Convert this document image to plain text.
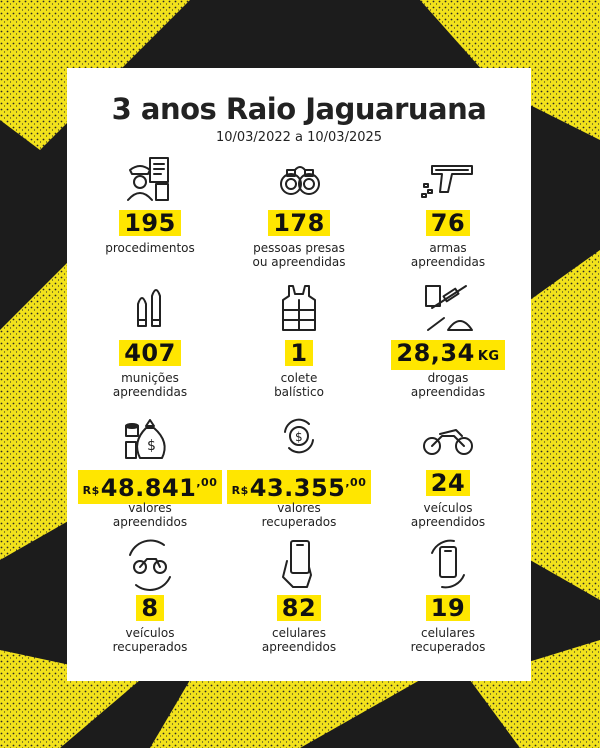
3 anos Raio Jaguaruana
10/03/2022 a 10/03/2025
195
procedimentos
178
pessoas presas
ou apreendidas
76
armas
apreendidas
407
munições
apreendidas
1
colete
balístico
28,34 KG
drogas
apreendidas
$
$R\$48.841^{,00}$
valores
apreendidos
$
$R\$43.355^{,00}$
valores
recuperados
24
veículos
apreendidos
8
veículos
recuperados
82
celulares
apreendidos
19
celulares
recuperados
